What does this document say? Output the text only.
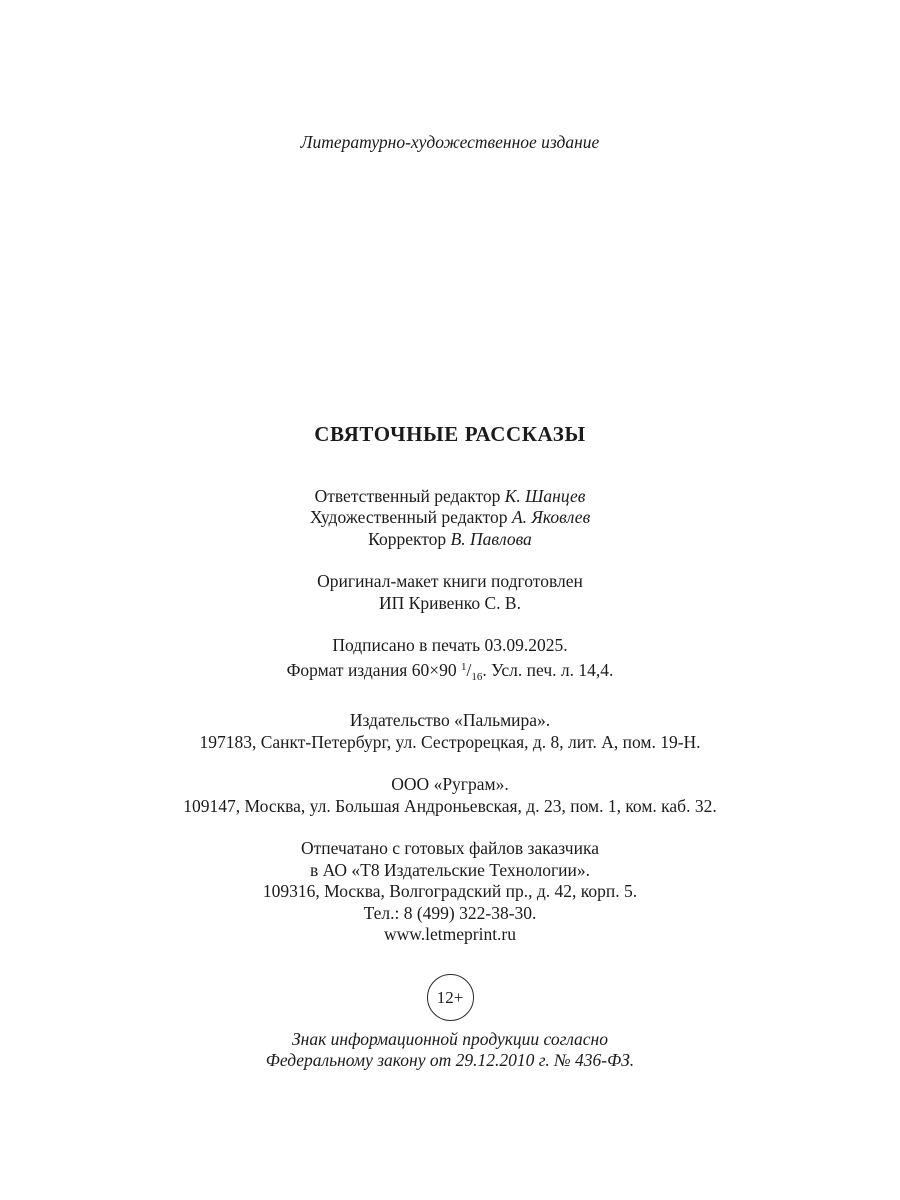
Литературно-художественное издание
СВЯТОЧНЫЕ РАССКАЗЫ
Ответственный редактор К. Шанцев
Художественный редактор А. Яковлев
Корректор В. Павлова
Оригинал-макет книги подготовлен
ИП Кривенко С. В.
Подписано в печать 03.09.2025.
Формат издания 60×90 $^1/_{16}$. Усл. печ. л. 14,4.
Издательство «Пальмира».
197183, Санкт-Петербург, ул. Сестрорецкая, д. 8, лит. А, пом. 19-Н.
ООО «Руграм».
109147, Москва, ул. Большая Андроньевская, д. 23, пом. 1, ком. каб. 32.
Отпечатано с готовых файлов заказчика
в АО «Т8 Издательские Технологии».
109316, Москва, Волгоградский пр., д. 42, корп. 5.
Тел.: 8 (499) 322-38-30.
www.letmeprint.ru
12+
Знак информационной продукции согласно
Федеральному закону от 29.12.2010 г. № 436-ФЗ.
